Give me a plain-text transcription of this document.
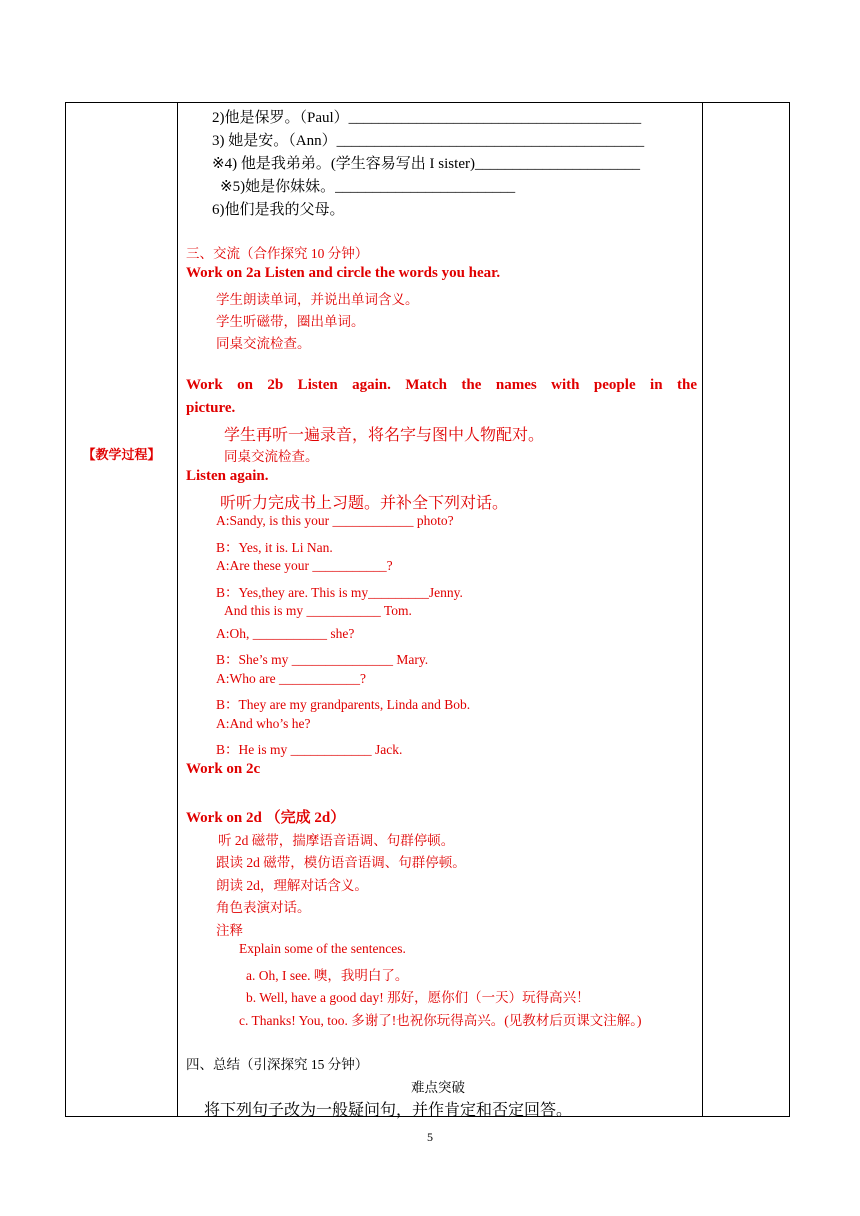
【教学过程】
2)他是保罗。（Paul）_______________________________________
3) 她是安。（Ann）_________________________________________
※4) 他是我弟弟。(学生容易写出 I sister)______________________
※5)她是你妹妹。________________________
6)他们是我的父母。
三、交流（合作探究 10 分钟）
Work on 2a Listen and circle the words you hear.
学生朗读单词，并说出单词含义。
学生听磁带，圈出单词。
同桌交流检查。
Work on 2b Listen again. Match the names with people in the
picture.
学生再听一遍录音，将名字与图中人物配对。
同桌交流检查。
Listen again.
听听力完成书上习题。并补全下列对话。
A:Sandy, is this your ____________ photo?
B：Yes, it is. Li Nan.
A:Are these your ___________?
B：Yes,they are. This is my_________Jenny.
And this is my ___________ Tom.
A:Oh, ___________ she?
B：She’s my _______________ Mary.
A:Who are ____________?
B：They are my grandparents, Linda and Bob.
A:And who’s he?
B：He is my ____________ Jack.
Work on 2c
Work on 2d （完成 2d）
听 2d 磁带，揣摩语音语调、句群停顿。
跟读 2d 磁带，模仿语音语调、句群停顿。
朗读 2d，理解对话含义。
角色表演对话。
注释
Explain some of the sentences.
a. Oh, I see. 噢，我明白了。
b. Well, have a good day! 那好，愿你们（一天）玩得高兴！
c. Thanks! You, too. 多谢了!也祝你玩得高兴。(见教材后页课文注解。)
四、总结（引深探究 15 分钟）
难点突破
将下列句子改为一般疑问句，并作肯定和否定回答。
5
